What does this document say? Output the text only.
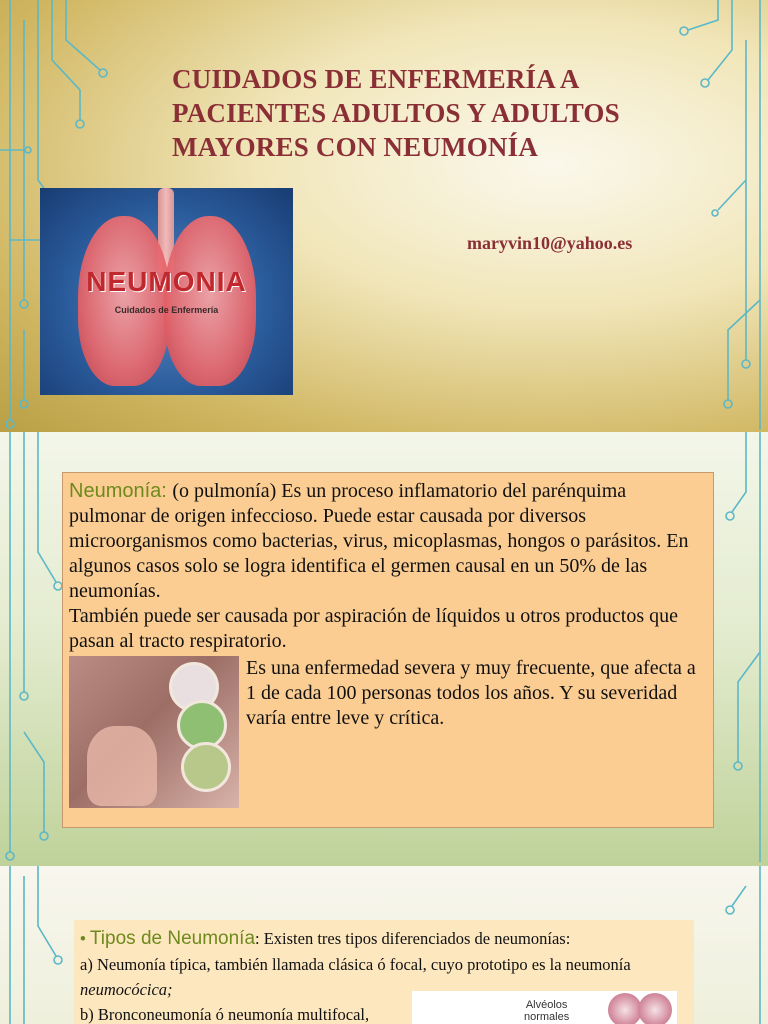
CUIDADOS DE ENFERMERÍA A
PACIENTES ADULTOS Y ADULTOS
MAYORES CON NEUMONÍA
NEUMONIA
Cuidados de Enfermería
maryvin10@yahoo.es

Neumonía: (o pulmonía) Es un proceso inflamatorio del parénquima pulmonar de origen infeccioso. Puede estar causada por diversos microorganismos como bacterias, virus, micoplasmas, hongos o parásitos. En algunos casos solo se logra identifica el germen causal en un 50% de las neumonías.

También puede ser causada por aspiración de líquidos u otros productos que pasan al tracto respiratorio.

Es una enfermedad severa y muy frecuente, que afecta a 1 de cada 100 personas todos los años. Y su severidad varía entre leve y crítica.

• Tipos de Neumonía: Existen tres tipos diferenciados de neumonías:

a) Neumonía típica, también llamada clásica ó focal, cuyo prototipo es la neumonía neumocócica;

b) Bronconeumonía ó neumonía multifocal,	Alvéolos
normales
